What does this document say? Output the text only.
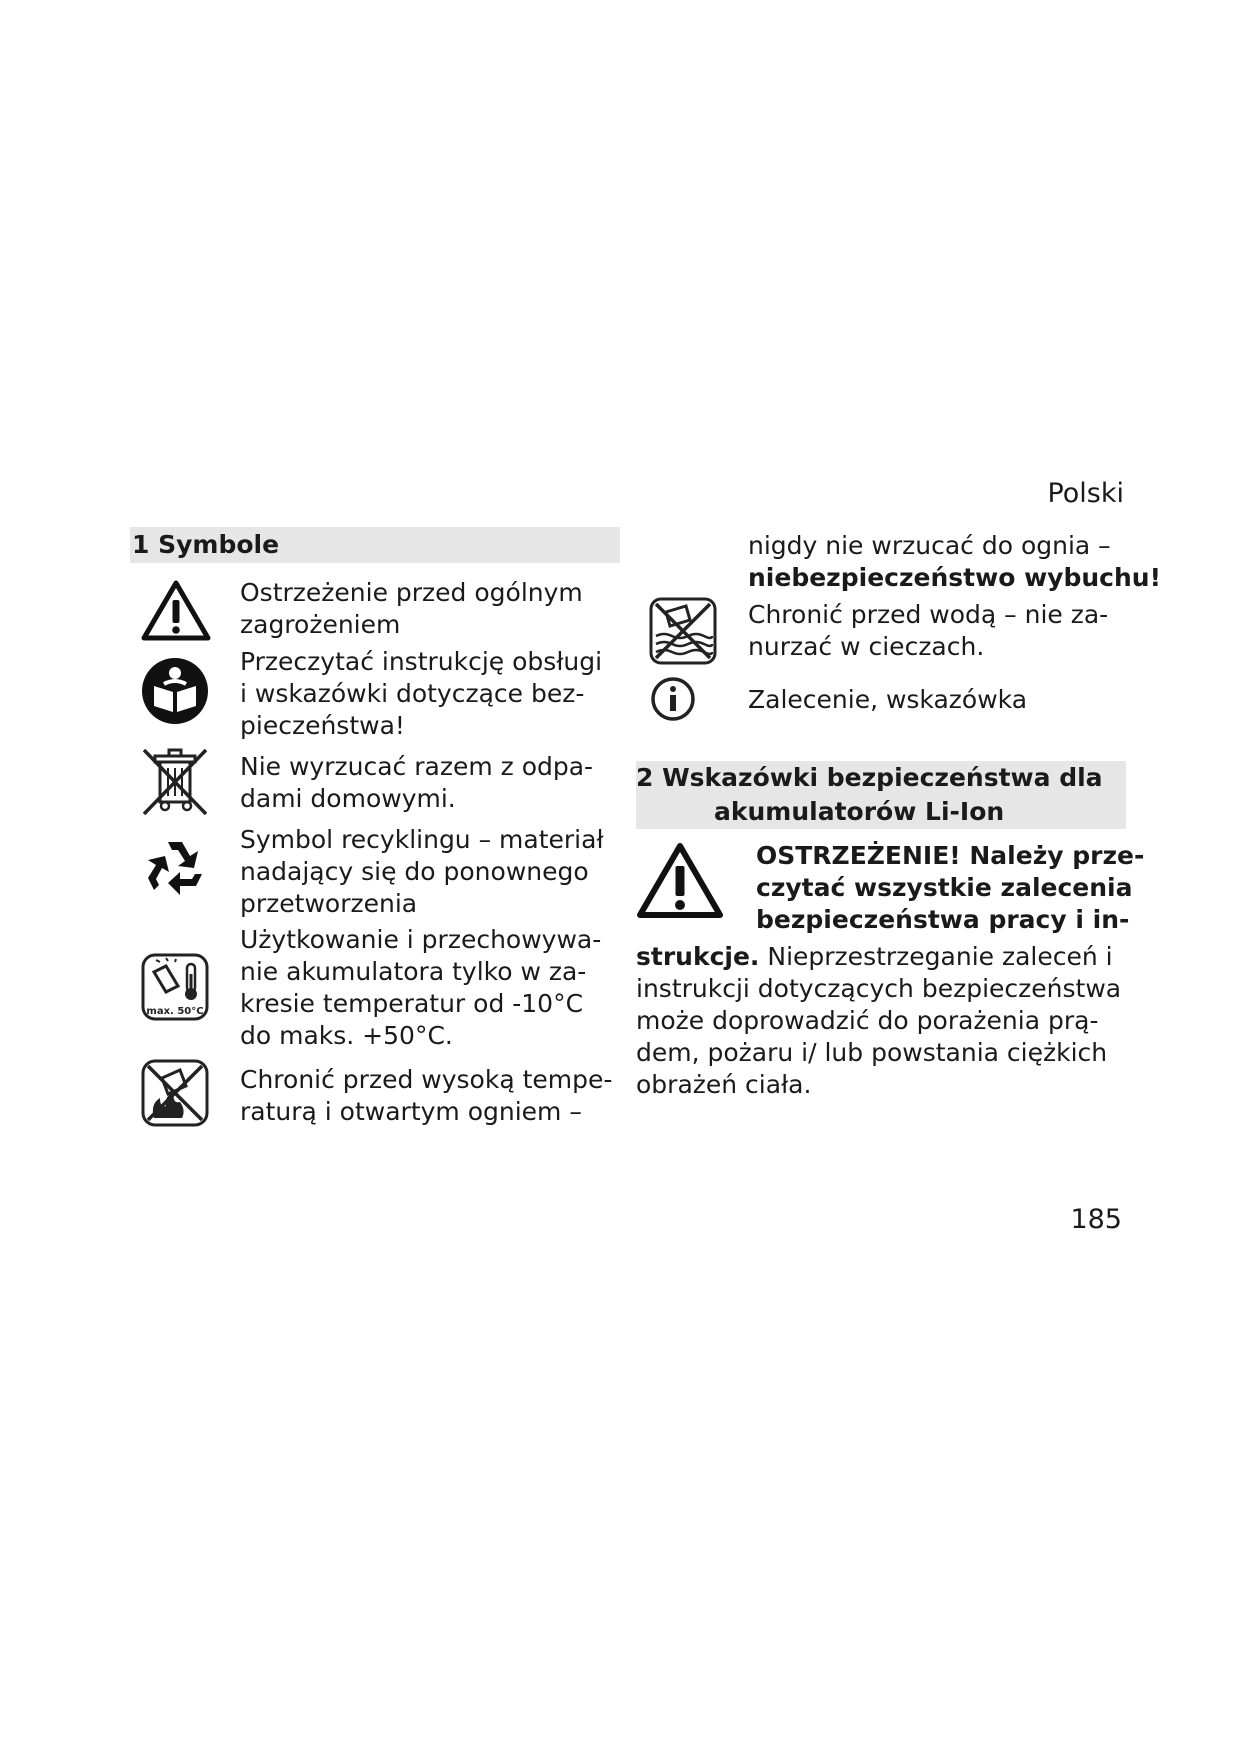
Polski
1 Symbole
Ostrzeżenie przed ogólnym
zagrożeniem
Przeczytać instrukcję obsługi
i wskazówki dotyczące bez-
pieczeństwa!
Nie wyrzucać razem z odpa-
dami domowymi.
Symbol recyklingu – materiał
nadający się do ponownego
przetworzenia
max. 50°C
Użytkowanie i przechowywa-
nie akumulatora tylko w za-
kresie temperatur od -10°C
do maks. +50°C.
Chronić przed wysoką tempe-
raturą i otwartym ogniem –
nigdy nie wrzucać do ognia –
niebezpieczeństwo wybuchu!
Chronić przed wodą – nie za-
nurzać w cieczach.
Zalecenie, wskazówka
2 Wskazówki bezpieczeństwa dla
akumulatorów Li-Ion
OSTRZEŻENIE! Należy prze-
czytać wszystkie zalecenia
bezpieczeństwa pracy i in-
strukcje. Nieprzestrzeganie zaleceń i
instrukcji dotyczących bezpieczeństwa
może doprowadzić do porażenia prą-
dem, pożaru i/ lub powstania ciężkich
obrażeń ciała.
185
